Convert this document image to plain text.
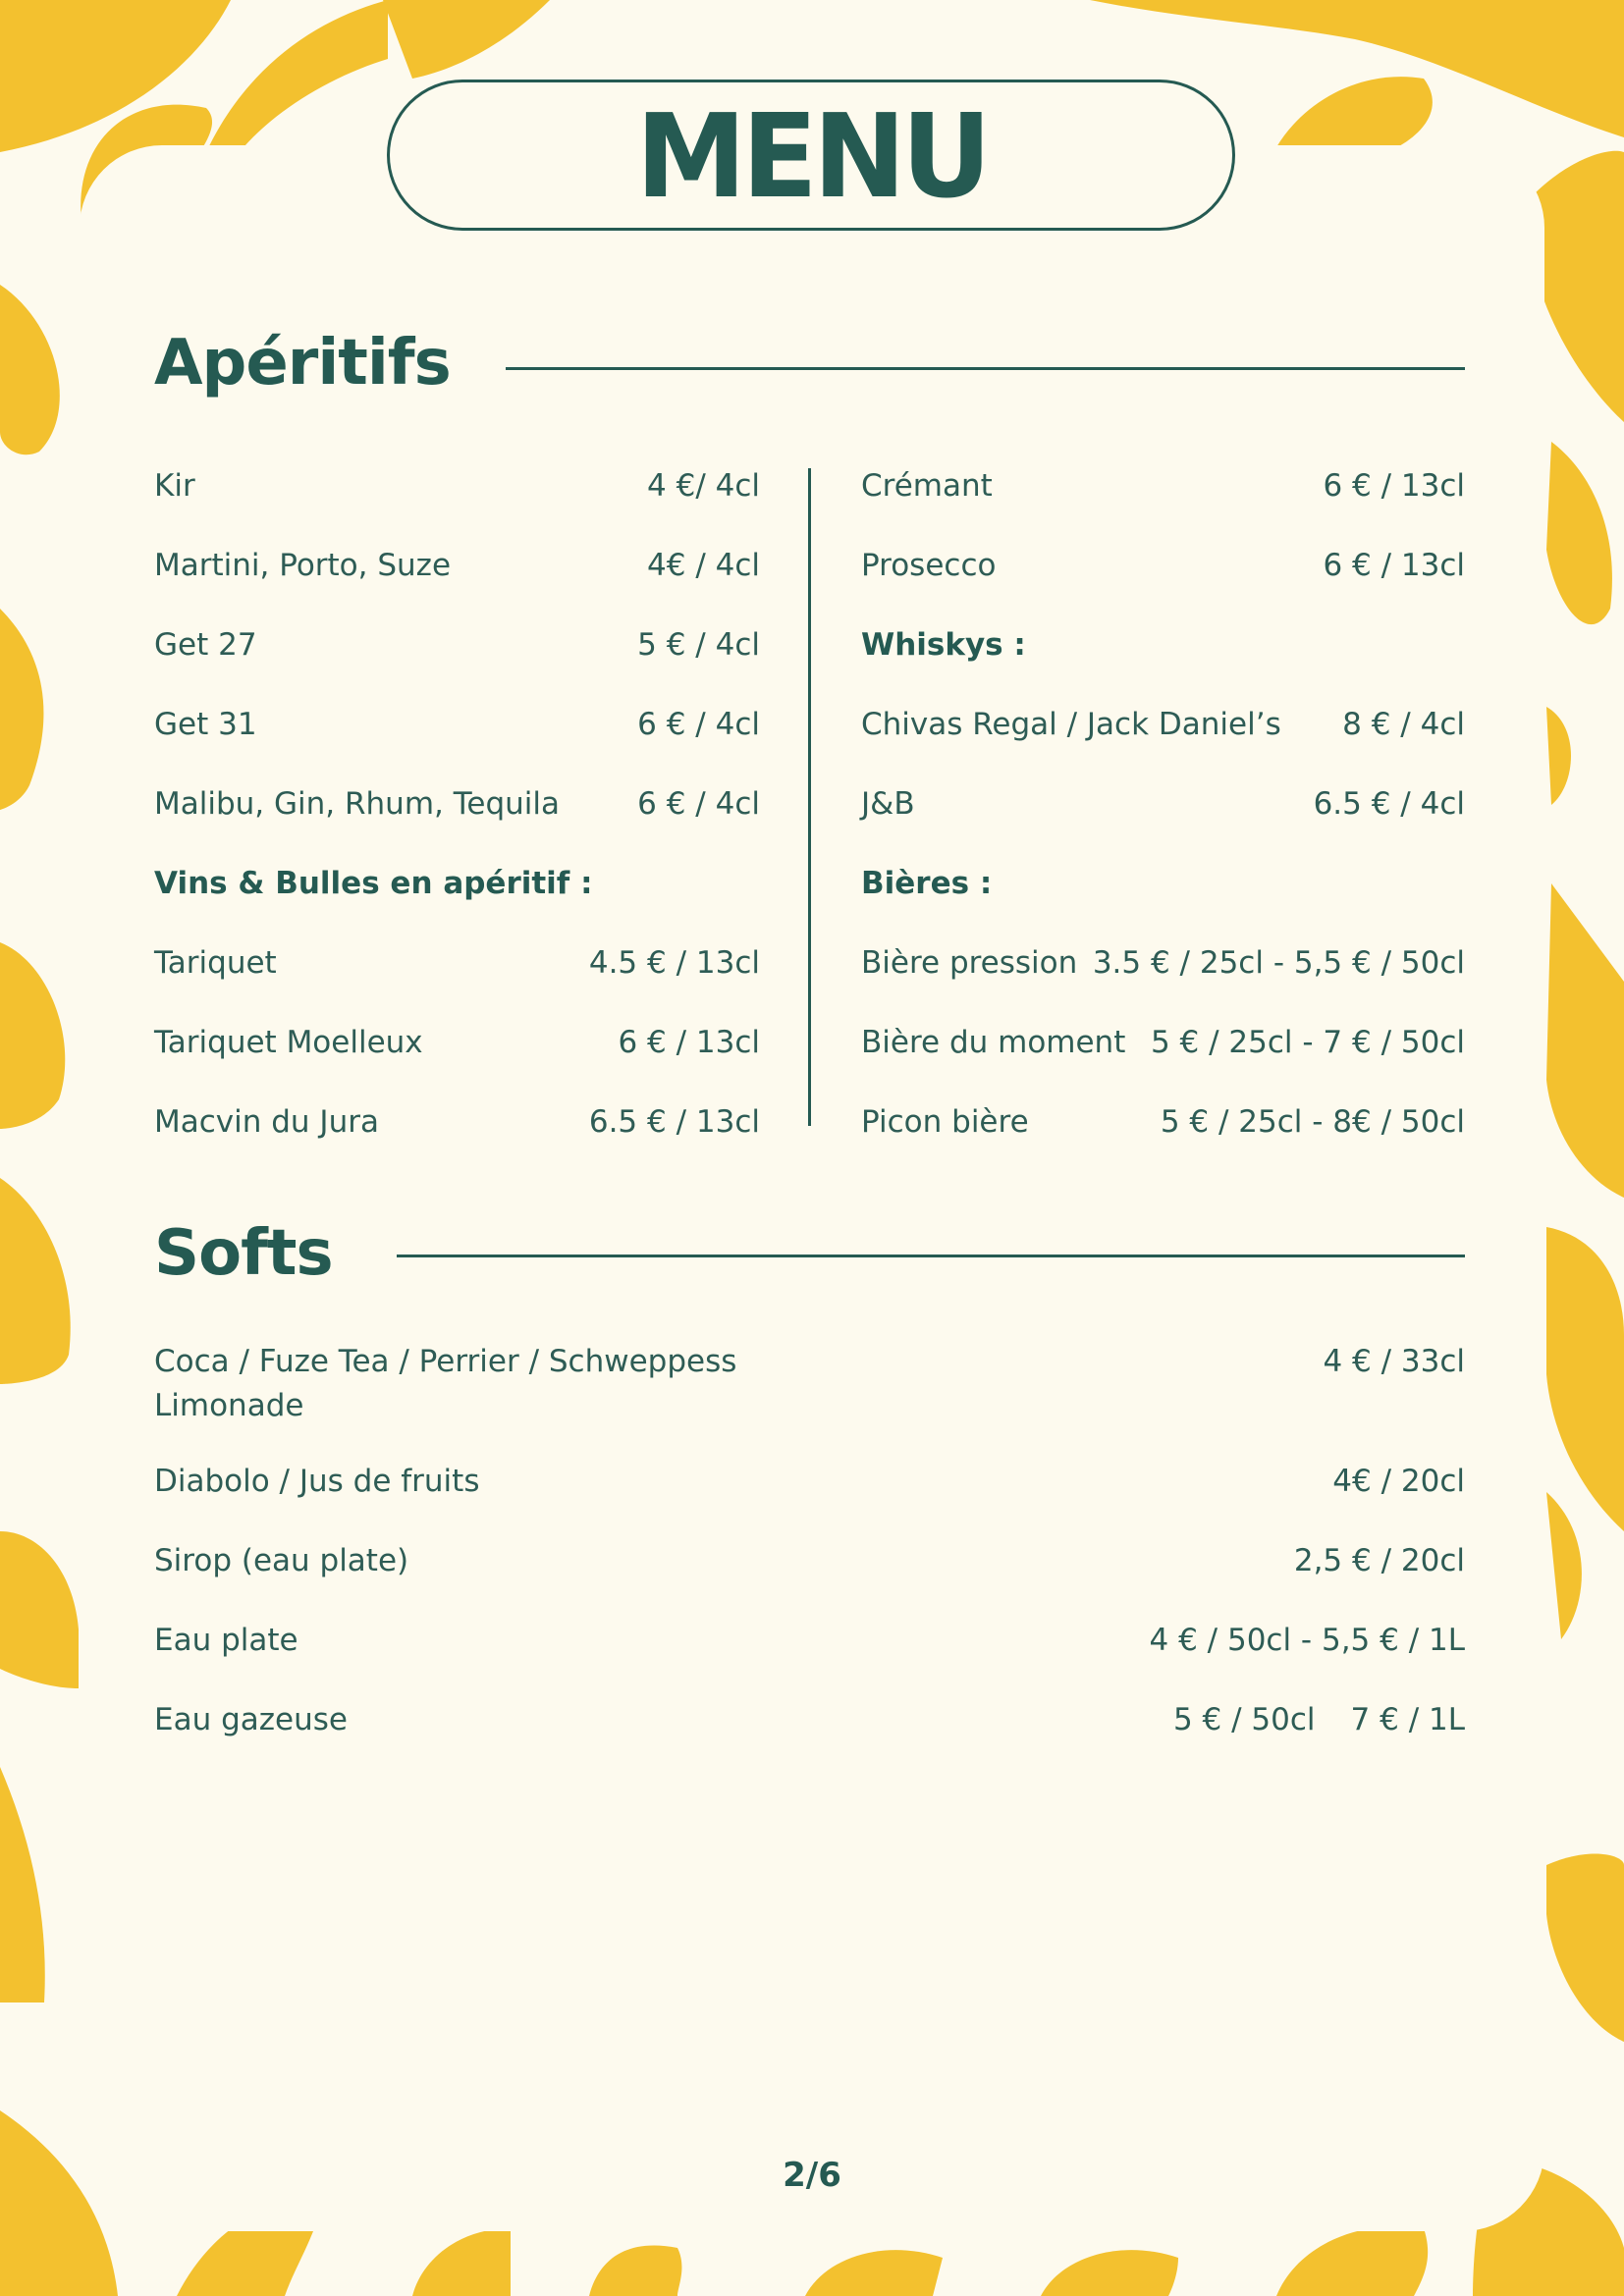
MENU
Apéritifs
Kir	4 €/ 4cl
Martini, Porto, Suze	4€ / 4cl
Get 27	5 € / 4cl
Get 31	6 € / 4cl
Malibu, Gin, Rhum, Tequila	6 € / 4cl
Vins & Bulles en apéritif :
Tariquet	4.5 € / 13cl
Tariquet Moelleux	6 € / 13cl
Macvin du Jura	6.5 € / 13cl
Crémant	6 € / 13cl
Prosecco	6 € / 13cl
Whiskys :
Chivas Regal / Jack Daniel’s 8 € / 4cl
J&B	6.5 € / 4cl
Bières :
Bière pression 3.5 € / 25cl - 5,5 € / 50cl
Bière du moment 5 € / 25cl - 7 € / 50cl
Picon bière	5 € / 25cl - 8€ / 50cl
Softs
Coca / Fuze Tea / Perrier / Schweppess
Limonade
4 € / 33cl
Diabolo / Jus de fruits	4€ / 20cl
Sirop (eau plate)	2,5 € / 20cl
Eau plate	4 € / 50cl - 5,5 € / 1L
Eau gazeuse	5 € / 50cl 7 € / 1L
2/6
